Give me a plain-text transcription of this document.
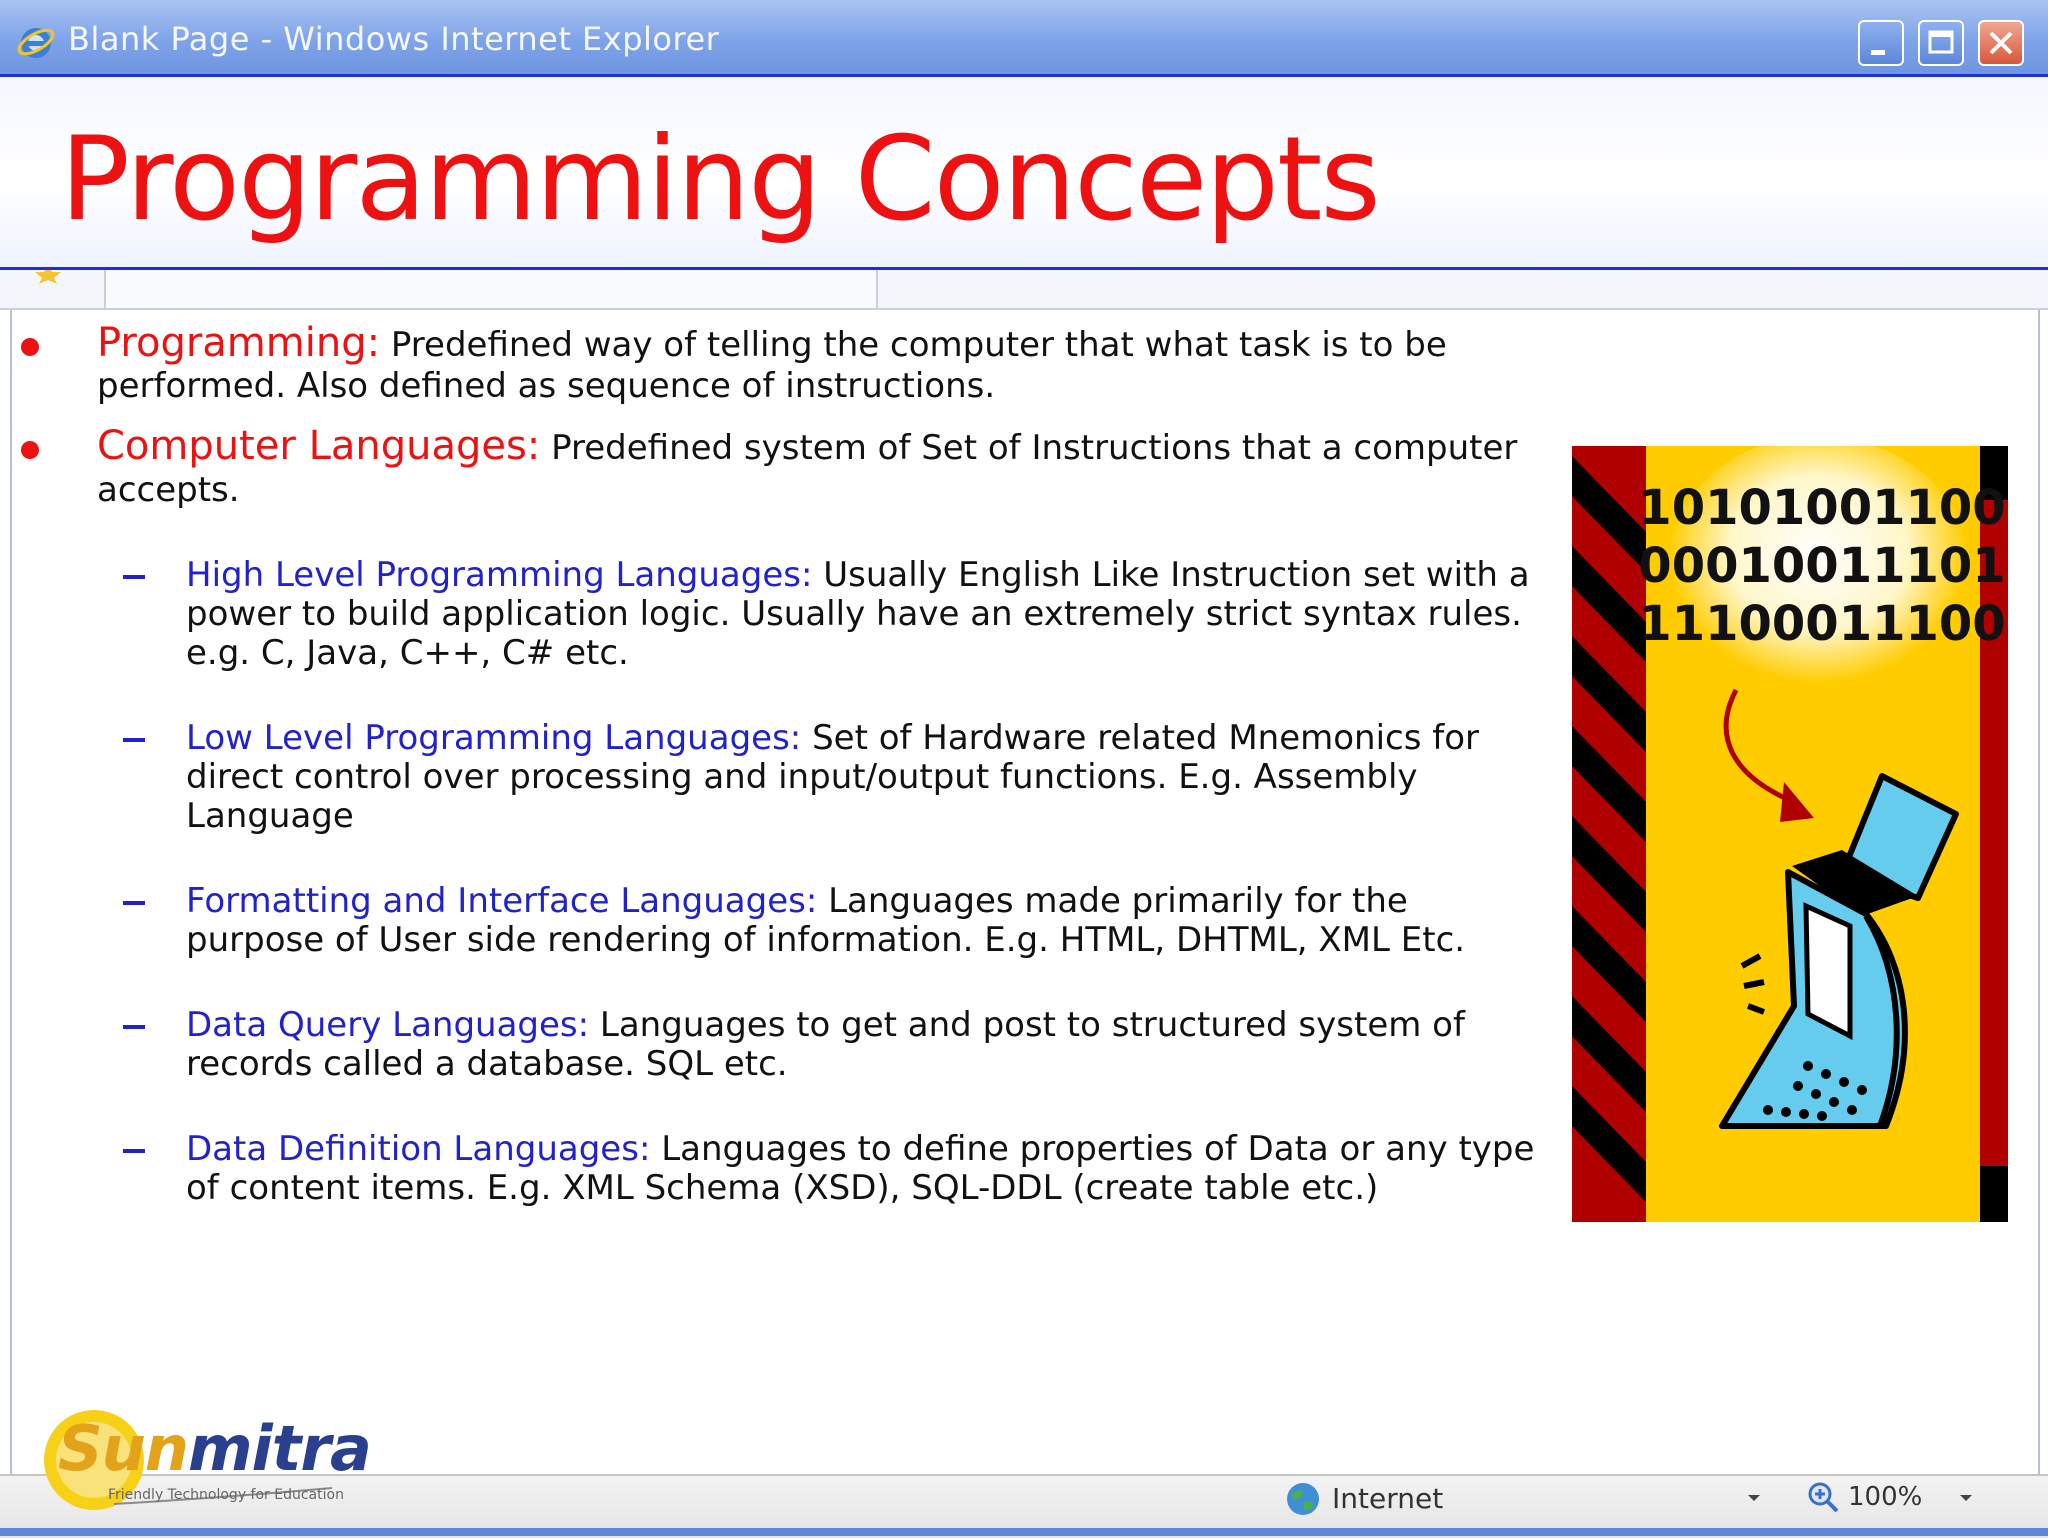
Blank Page - Windows Internet Explorer
Programming Concepts
Programming: Predefined way of telling the computer that what task is to be
performed. Also defined as sequence of instructions.
Computer Languages: Predefined system of Set of Instructions that a computer
accepts.
High Level Programming Languages: Usually English Like Instruction set with a
power to build application logic. Usually have an extremely strict syntax rules.
e.g. C, Java, C++, C# etc.
Low Level Programming Languages: Set of Hardware related Mnemonics for
direct control over processing and input/output functions. E.g. Assembly
Language
Formatting and Interface Languages: Languages made primarily for the
purpose of User side rendering of information. E.g. HTML, DHTML, XML Etc.
Data Query Languages: Languages to get and post to structured system of
records called a database. SQL etc.
Data Definition Languages: Languages to define properties of Data or any type
of content items. E.g. XML Schema (XSD), SQL-DDL (create table etc.)
10101001100
00010011101
11100011100
Internet	100%
Sunmitra
Friendly Technology for Education
